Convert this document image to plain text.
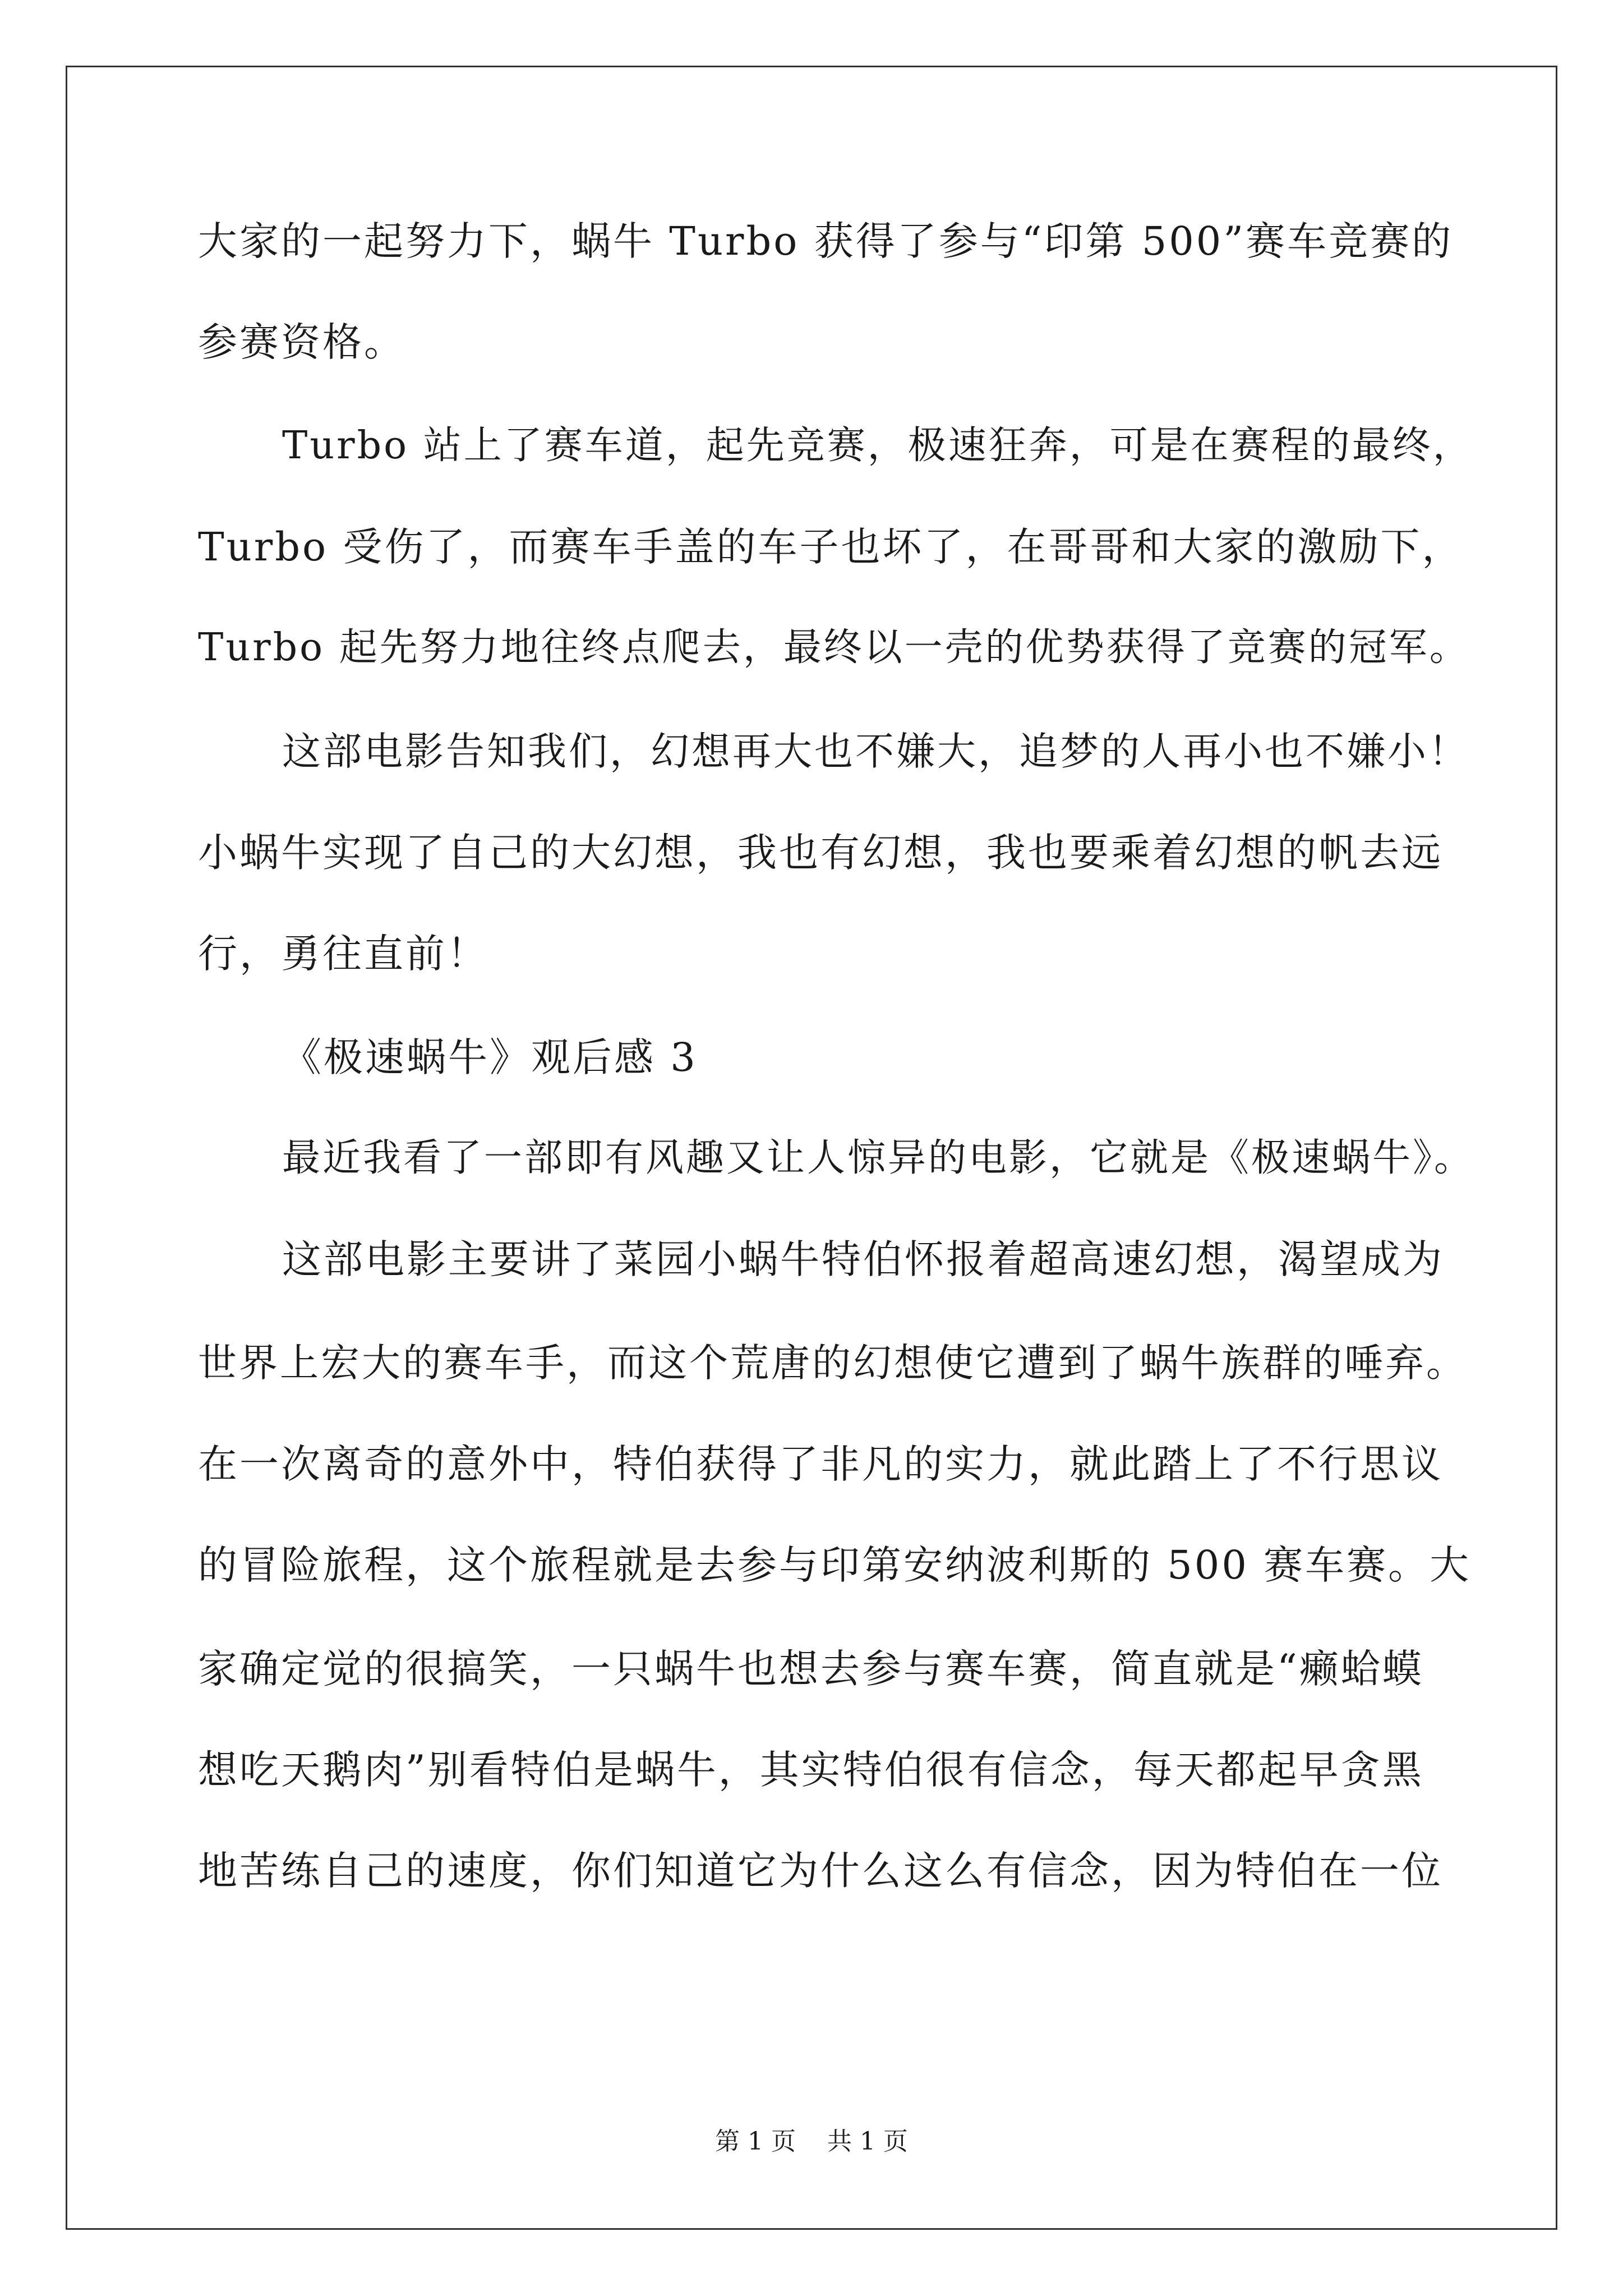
大家的一起努力下，蜗牛 Turbo 获得了参与“印第 500”赛车竞赛的
参赛资格。
Turbo 站上了赛车道，起先竞赛，极速狂奔，可是在赛程的最终，
Turbo 受伤了，而赛车手盖的车子也坏了，在哥哥和大家的激励下，
Turbo 起先努力地往终点爬去，最终以一壳的优势获得了竞赛的冠军。
这部电影告知我们，幻想再大也不嫌大，追梦的人再小也不嫌小！
小蜗牛实现了自己的大幻想，我也有幻想，我也要乘着幻想的帆去远
行，勇往直前！
《极速蜗牛》观后感 3
最近我看了一部即有风趣又让人惊异的电影，它就是《极速蜗牛》。
这部电影主要讲了菜园小蜗牛特伯怀报着超高速幻想，渴望成为
世界上宏大的赛车手，而这个荒唐的幻想使它遭到了蜗牛族群的唾弃。
在一次离奇的意外中，特伯获得了非凡的实力，就此踏上了不行思议
的冒险旅程，这个旅程就是去参与印第安纳波利斯的 500 赛车赛。大
家确定觉的很搞笑，一只蜗牛也想去参与赛车赛，简直就是“癞蛤蟆
想吃天鹅肉”别看特伯是蜗牛，其实特伯很有信念，每天都起早贪黑
地苦练自己的速度，你们知道它为什么这么有信念，因为特伯在一位
第 1 页    共 1 页
